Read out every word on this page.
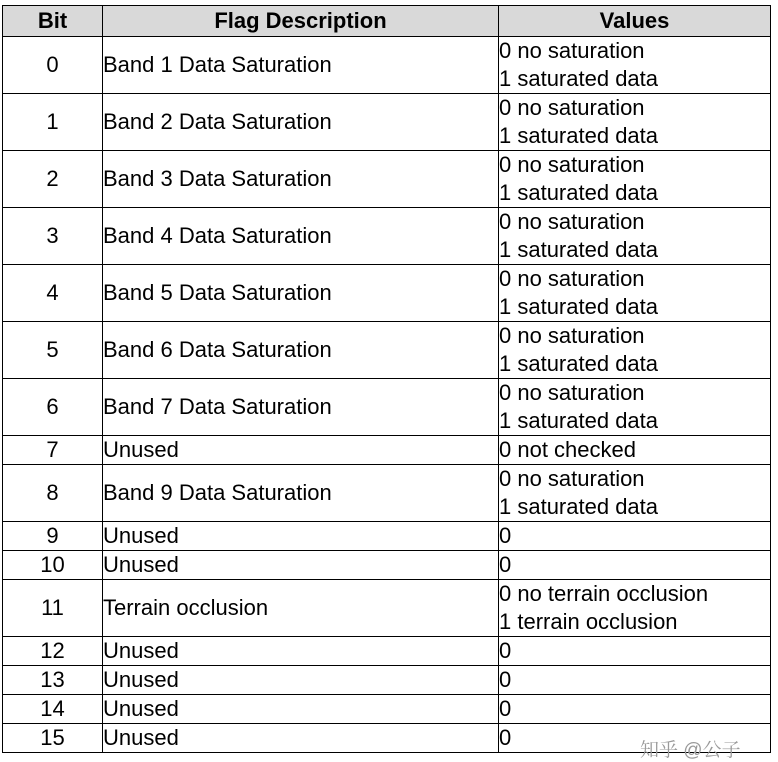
Bit	Flag Description	Values
0	Band 1 Data Saturation	0 no saturation
1 saturated data

1	Band 2 Data Saturation	0 no saturation
1 saturated data

2	Band 3 Data Saturation	0 no saturation
1 saturated data

3	Band 4 Data Saturation	0 no saturation
1 saturated data

4	Band 5 Data Saturation	0 no saturation
1 saturated data

5	Band 6 Data Saturation	0 no saturation
1 saturated data

6	Band 7 Data Saturation	0 no saturation
1 saturated data

7	Unused	0 not checked

8	Band 9 Data Saturation	0 no saturation
1 saturated data

9	Unused	0

10	Unused	0

11	Terrain occlusion	0 no terrain occlusion
1 terrain occlusion

12	Unused	0

13	Unused	0

14	Unused	0

15	Unused	0
知乎 @公子
